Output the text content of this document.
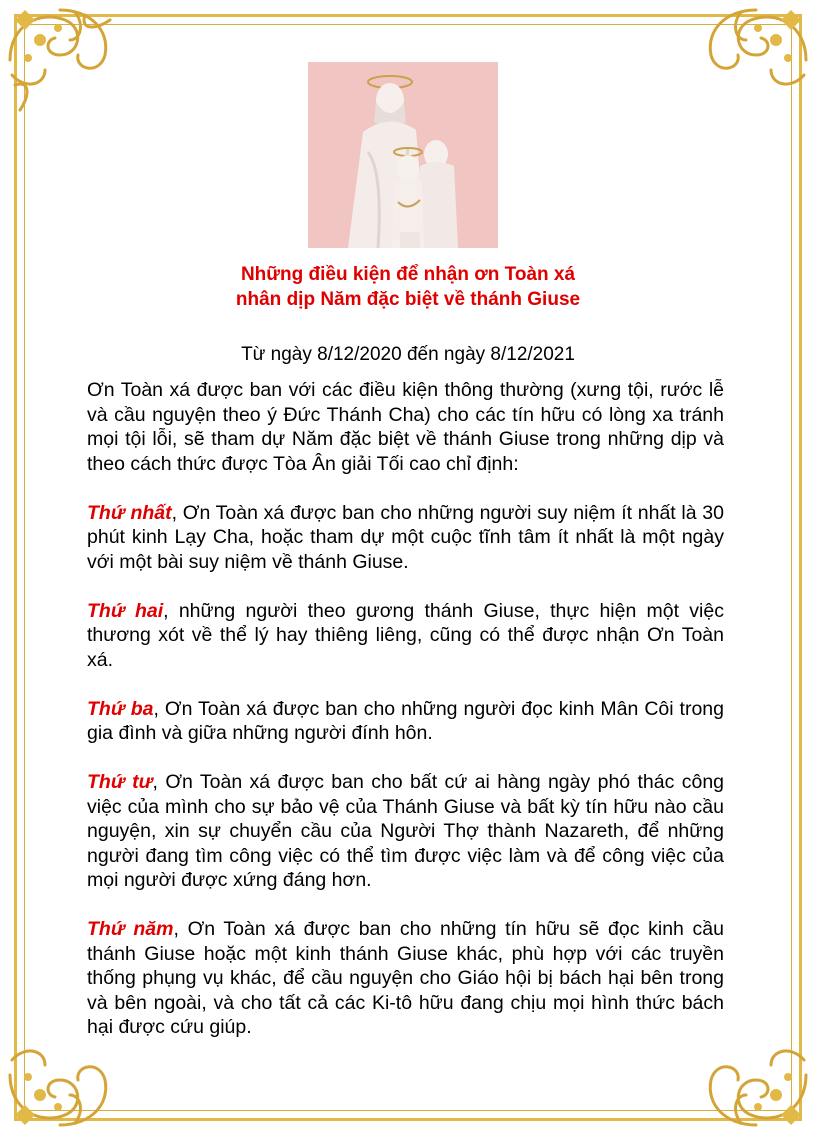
Những điều kiện để nhận ơn Toàn xá
nhân dịp Năm đặc biệt về thánh Giuse
Từ ngày 8/12/2020 đến ngày 8/12/2021

Ơn Toàn xá được ban với các điều kiện thông thường (xưng tội, rước lễ và cầu nguyện theo ý Đức Thánh Cha) cho các tín hữu có lòng xa tránh mọi tội lỗi, sẽ tham dự Năm đặc biệt về thánh Giuse trong những dịp và theo cách thức được Tòa Ân giải Tối cao chỉ định:

Thứ nhất, Ơn Toàn xá được ban cho những người suy niệm ít nhất là 30 phút kinh Lạy Cha, hoặc tham dự một cuộc tĩnh tâm ít nhất là một ngày với một bài suy niệm về thánh Giuse.

Thứ hai, những người theo gương thánh Giuse, thực hiện một việc thương xót về thể lý hay thiêng liêng, cũng có thể được nhận Ơn Toàn xá.

Thứ ba, Ơn Toàn xá được ban cho những người đọc kinh Mân Côi trong gia đình và giữa những người đính hôn.

Thứ tư, Ơn Toàn xá được ban cho bất cứ ai hàng ngày phó thác công việc của mình cho sự bảo vệ của Thánh Giuse và bất kỳ tín hữu nào cầu nguyện, xin sự chuyển cầu của Người Thợ thành Nazareth, để những người đang tìm công việc có thể tìm được việc làm và để công việc của mọi người được xứng đáng hơn.

Thứ năm, Ơn Toàn xá được ban cho những tín hữu sẽ đọc kinh cầu thánh Giuse hoặc một kinh thánh Giuse khác, phù hợp với các truyền thống phụng vụ khác, để cầu nguyện cho Giáo hội bị bách hại bên trong và bên ngoài, và cho tất cả các Ki-tô hữu đang chịu mọi hình thức bách hại được cứu giúp.
